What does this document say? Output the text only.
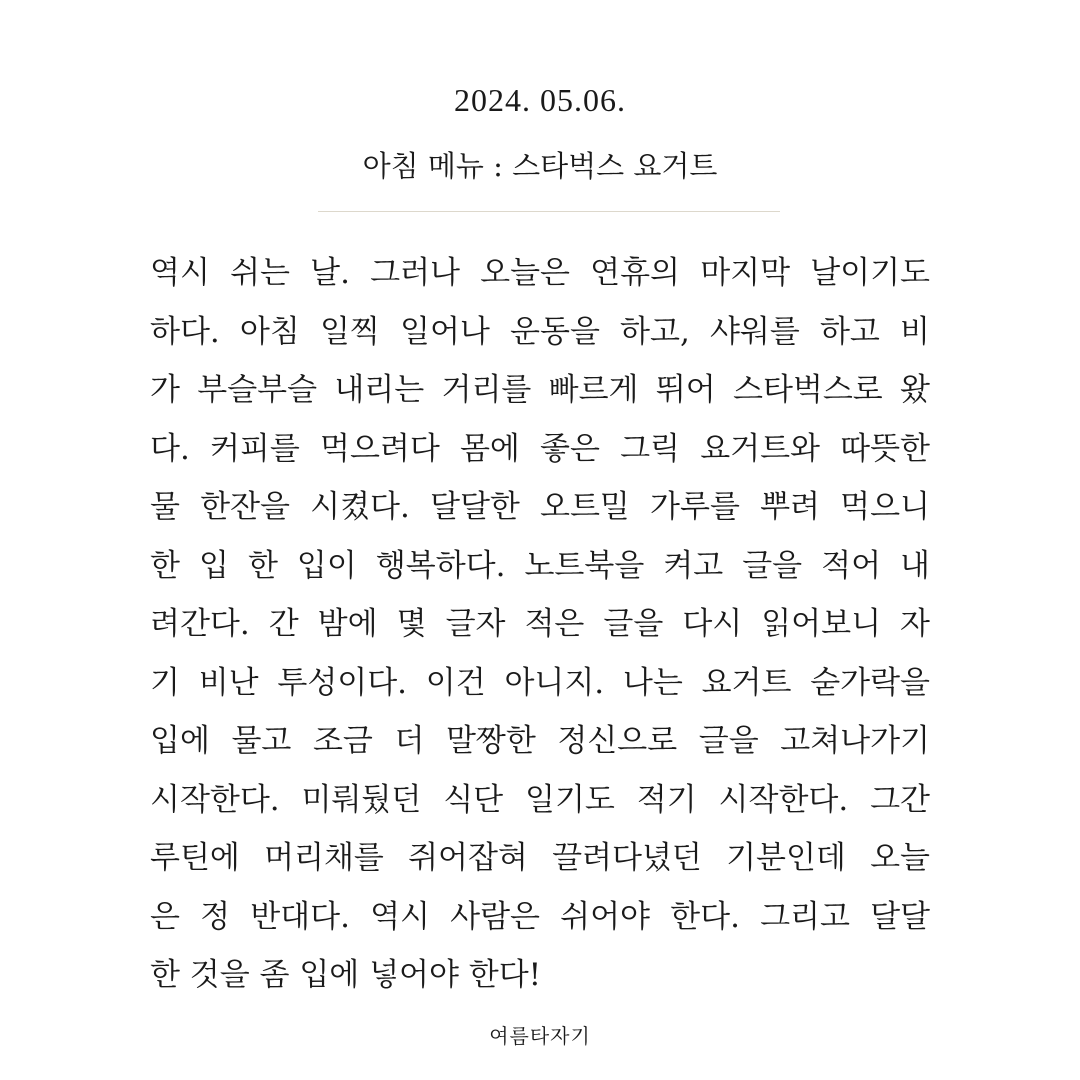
2024. 05.06.
아침 메뉴 : 스타벅스 요거트
역시 쉬는 날. 그러나 오늘은 연휴의 마지막 날이기도
하다. 아침 일찍 일어나 운동을 하고, 샤워를 하고 비
가 부슬부슬 내리는 거리를 빠르게 뛰어 스타벅스로 왔
다. 커피를 먹으려다 몸에 좋은 그릭 요거트와 따뜻한
물 한잔을 시켰다. 달달한 오트밀 가루를 뿌려 먹으니
한 입 한 입이 행복하다. 노트북을 켜고 글을 적어 내
려간다. 간 밤에 몇 글자 적은 글을 다시 읽어보니 자
기 비난 투성이다. 이건 아니지. 나는 요거트 숟가락을
입에 물고 조금 더 말짱한 정신으로 글을 고쳐나가기
시작한다. 미뤄뒀던 식단 일기도 적기 시작한다. 그간
루틴에 머리채를 쥐어잡혀 끌려다녔던 기분인데 오늘
은 정 반대다. 역시 사람은 쉬어야 한다. 그리고 달달
한 것을 좀 입에 넣어야 한다!
여름타자기
